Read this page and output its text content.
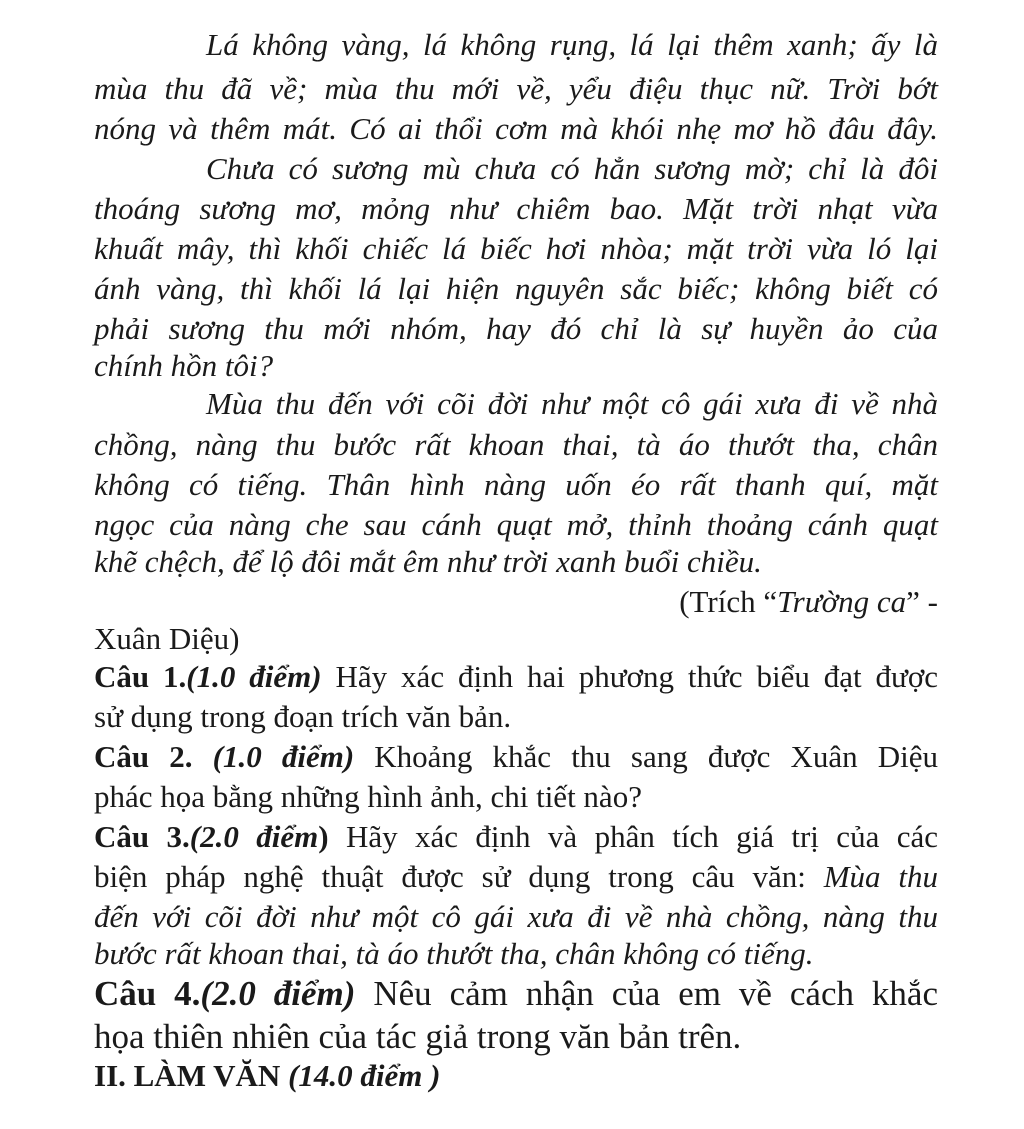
Lá không vàng, lá không rụng, lá lại thêm xanh; ấy là
mùa thu đã về; mùa thu mới về, yểu điệu thục nữ. Trời bớt
nóng và thêm mát. Có ai thổi cơm mà khói nhẹ mơ hồ đâu đây.
Chưa có sương mù chưa có hẳn sương mờ; chỉ là đôi
thoáng sương mơ, mỏng như chiêm bao. Mặt trời nhạt vừa
khuất mây, thì khối chiếc lá biếc hơi nhòa; mặt trời vừa ló lại
ánh vàng, thì khối lá lại hiện nguyên sắc biếc; không biết có
phải sương thu mới nhóm, hay đó chỉ là sự huyền ảo của
chính hồn tôi?
Mùa thu đến với cõi đời như một cô gái xưa đi về nhà
chồng, nàng thu bước rất khoan thai, tà áo thướt tha, chân
không có tiếng. Thân hình nàng uốn éo rất thanh quí, mặt
ngọc của nàng che sau cánh quạt mở, thỉnh thoảng cánh quạt
khẽ chệch, để lộ đôi mắt êm như trời xanh buổi chiều.
(Trích “Trường ca” -
Xuân Diệu)
Câu 1.(1.0 điểm) Hãy xác định hai phương thức biểu đạt được
sử dụng trong đoạn trích văn bản.
Câu 2. (1.0 điểm) Khoảng khắc thu sang được Xuân Diệu
phác họa bằng những hình ảnh, chi tiết nào?
Câu 3.(2.0 điểm) Hãy xác định và phân tích giá trị của các
biện pháp nghệ thuật được sử dụng trong câu văn: Mùa thu
đến với cõi đời như một cô gái xưa đi về nhà chồng, nàng thu
bước rất khoan thai, tà áo thướt tha, chân không có tiếng.
Câu 4.(2.0 điểm) Nêu cảm nhận của em về cách khắc
họa thiên nhiên của tác giả trong văn bản trên.
II. LÀM VĂN (14.0 điểm )
